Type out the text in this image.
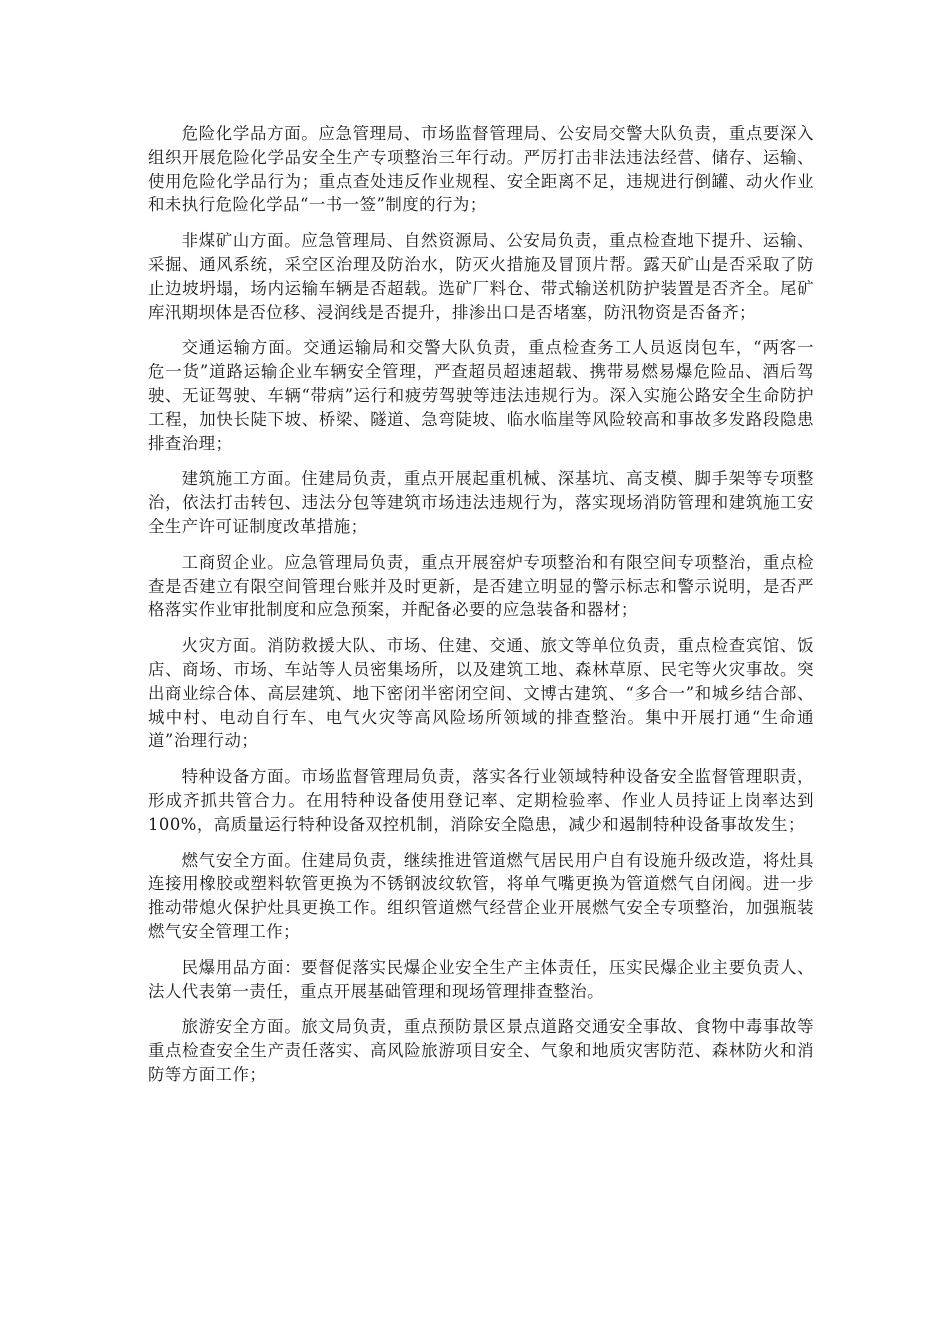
危险化学品方面。应急管理局、市场监督管理局、公安局交警大队负责，重点要深入组织开展危险化学品安全生产专项整治三年行动。严厉打击非法违法经营、储存、运输、使用危险化学品行为；重点查处违反作业规程、安全距离不足，违规进行倒罐、动火作业和未执行危险化学品“一书一签”制度的行为；

非煤矿山方面。应急管理局、自然资源局、公安局负责，重点检查地下提升、运输、采掘、通风系统，采空区治理及防治水，防灭火措施及冒顶片帮。露天矿山是否采取了防止边坡坍塌，场内运输车辆是否超载。选矿厂料仓、带式输送机防护装置是否齐全。尾矿库汛期坝体是否位移、浸润线是否提升，排渗出口是否堵塞，防汛物资是否备齐；

交通运输方面。交通运输局和交警大队负责，重点检查务工人员返岗包车，“两客一危一货”道路运输企业车辆安全管理，严查超员超速超载、携带易燃易爆危险品、酒后驾驶、无证驾驶、车辆“带病”运行和疲劳驾驶等违法违规行为。深入实施公路安全生命防护工程，加快长陡下坡、桥梁、隧道、急弯陡坡、临水临崖等风险较高和事故多发路段隐患排查治理；

建筑施工方面。住建局负责，重点开展起重机械、深基坑、高支模、脚手架等专项整治，依法打击转包、违法分包等建筑市场违法违规行为，落实现场消防管理和建筑施工安全生产许可证制度改革措施；

工商贸企业。应急管理局负责，重点开展窑炉专项整治和有限空间专项整治，重点检查是否建立有限空间管理台账并及时更新，是否建立明显的警示标志和警示说明，是否严格落实作业审批制度和应急预案，并配备必要的应急装备和器材；

火灾方面。消防救援大队、市场、住建、交通、旅文等单位负责，重点检查宾馆、饭店、商场、市场、车站等人员密集场所，以及建筑工地、森林草原、民宅等火灾事故。突出商业综合体、高层建筑、地下密闭半密闭空间、文博古建筑、“多合一”和城乡结合部、城中村、电动自行车、电气火灾等高风险场所领域的排查整治。集中开展打通“生命通道”治理行动；

特种设备方面。市场监督管理局负责，落实各行业领域特种设备安全监督管理职责，形成齐抓共管合力。在用特种设备使用登记率、定期检验率、作业人员持证上岗率达到100%，高质量运行特种设备双控机制，消除安全隐患，减少和遏制特种设备事故发生；

燃气安全方面。住建局负责，继续推进管道燃气居民用户自有设施升级改造，将灶具连接用橡胶或塑料软管更换为不锈钢波纹软管，将单气嘴更换为管道燃气自闭阀。进一步推动带熄火保护灶具更换工作。组织管道燃气经营企业开展燃气安全专项整治，加强瓶装燃气安全管理工作；

民爆用品方面：要督促落实民爆企业安全生产主体责任，压实民爆企业主要负责人、法人代表第一责任，重点开展基础管理和现场管理排查整治。

旅游安全方面。旅文局负责，重点预防景区景点道路交通安全事故、食物中毒事故等重点检查安全生产责任落实、高风险旅游项目安全、气象和地质灾害防范、森林防火和消防等方面工作；
